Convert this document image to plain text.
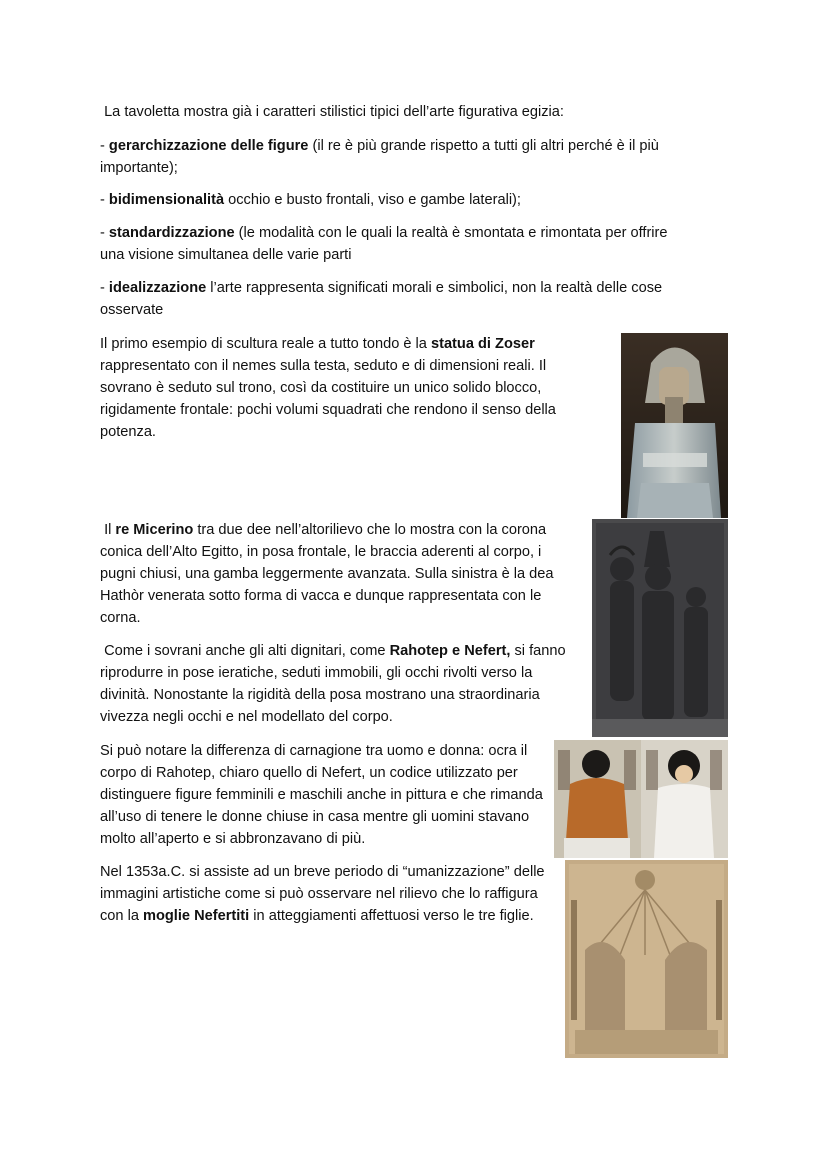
La tavoletta mostra già i caratteri stilistici tipici dell’arte figurativa egizia:

- gerarchizzazione delle figure (il re è più grande rispetto a tutti gli altri perché è il più importante);

- bidimensionalità occhio e busto frontali, viso e gambe laterali);

- standardizzazione (le modalità con le quali la realtà è smontata e rimontata per offrire una visione simultanea delle varie parti

- idealizzazione l’arte rappresenta significati morali e simbolici, non la realtà delle cose osservate

Il primo esempio di scultura reale a tutto tondo è la statua di Zoser rappresentato con il nemes sulla testa, seduto e di dimensioni reali. Il sovrano è seduto sul trono, così da costituire un unico solido blocco, rigidamente frontale: pochi volumi squadrati che rendono il senso della potenza.

Il re Micerino tra due dee nell’altorilievo che lo mostra con la corona conica dell’Alto Egitto, in posa frontale, le braccia aderenti al corpo, i pugni chiusi, una gamba leggermente avanzata. Sulla sinistra è la dea Hathòr venerata sotto forma di vacca e dunque rappresentata con le corna.

Come i sovrani anche gli alti dignitari, come Rahotep e Nefert, si fanno riprodurre in pose ieratiche, seduti immobili, gli occhi rivolti verso la divinità. Nonostante la rigidità della posa mostrano una straordinaria vivezza negli occhi e nel modellato del corpo.

Si può notare la differenza di carnagione tra uomo e donna: ocra il corpo di Rahotep, chiaro quello di Nefert, un codice utilizzato per distinguere figure femminili e maschili anche in pittura e che rimanda all’uso di tenere le donne chiuse in casa mentre gli uomini stavano molto all’aperto e si abbronzavano di più.

Nel 1353a.C. si assiste ad un breve periodo di “umanizzazione” delle immagini artistiche come si può osservare nel rilievo che lo raffigura con la moglie Nefertiti in atteggiamenti affettuosi verso le tre figlie.
